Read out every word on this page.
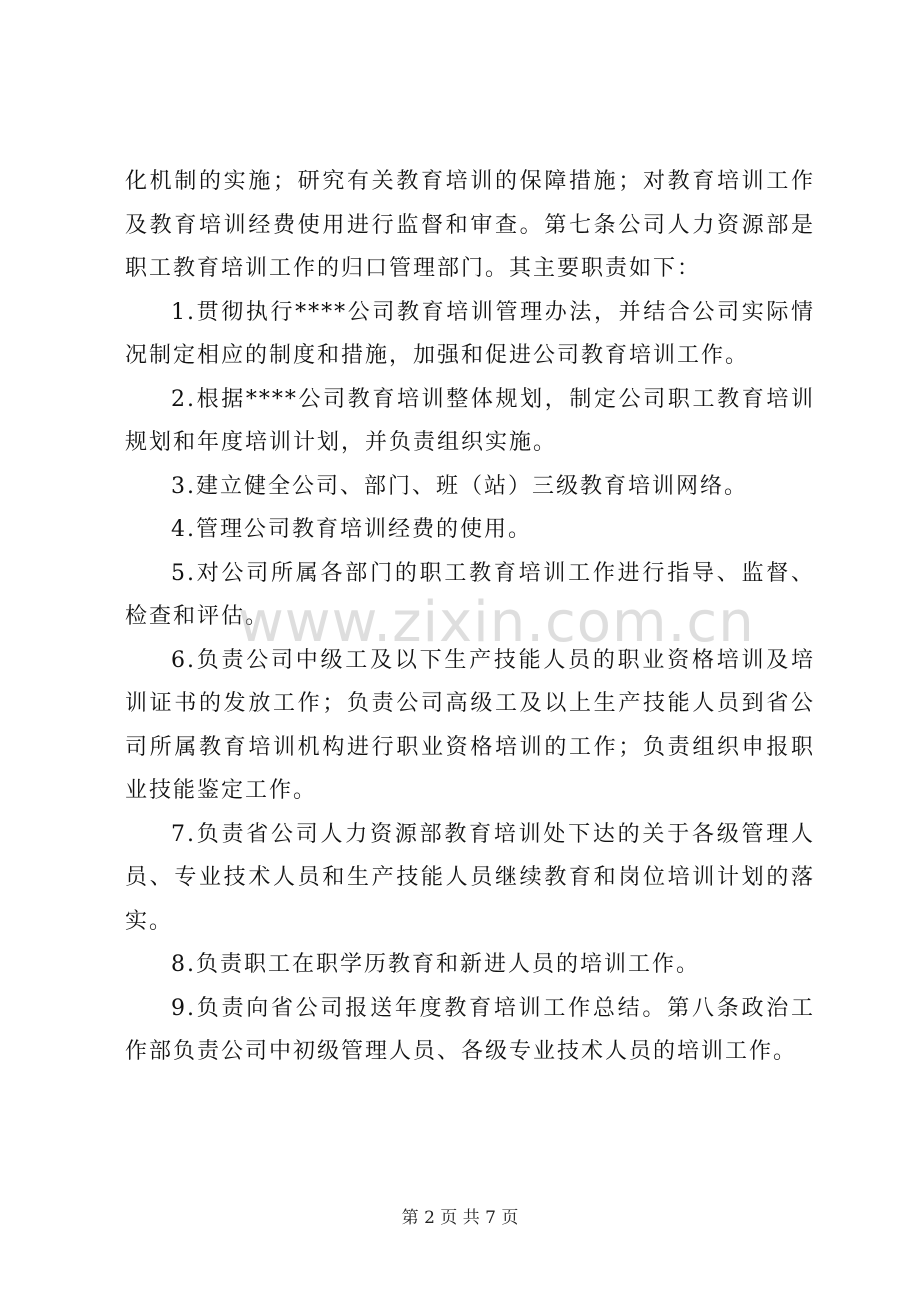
化机制的实施；研究有关教育培训的保障措施；对教育培训工作及教育培训经费使用进行监督和审查。第七条公司人力资源部是职工教育培训工作的归口管理部门。其主要职责如下：

1.贯彻执行****公司教育培训管理办法，并结合公司实际情况制定相应的制度和措施，加强和促进公司教育培训工作。

2.根据****公司教育培训整体规划，制定公司职工教育培训规划和年度培训计划，并负责组织实施。

3.建立健全公司、部门、班（站）三级教育培训网络。

4.管理公司教育培训经费的使用。

5.对公司所属各部门的职工教育培训工作进行指导、监督、检查和评估。

6.负责公司中级工及以下生产技能人员的职业资格培训及培训证书的发放工作；负责公司高级工及以上生产技能人员到省公司所属教育培训机构进行职业资格培训的工作；负责组织申报职业技能鉴定工作。

7.负责省公司人力资源部教育培训处下达的关于各级管理人员、专业技术人员和生产技能人员继续教育和岗位培训计划的落实。

8.负责职工在职学历教育和新进人员的培训工作。

9.负责向省公司报送年度教育培训工作总结。第八条政治工作部负责公司中初级管理人员、各级专业技术人员的培训工作。

www.zixin.com.cn
第 2 页 共 7 页
